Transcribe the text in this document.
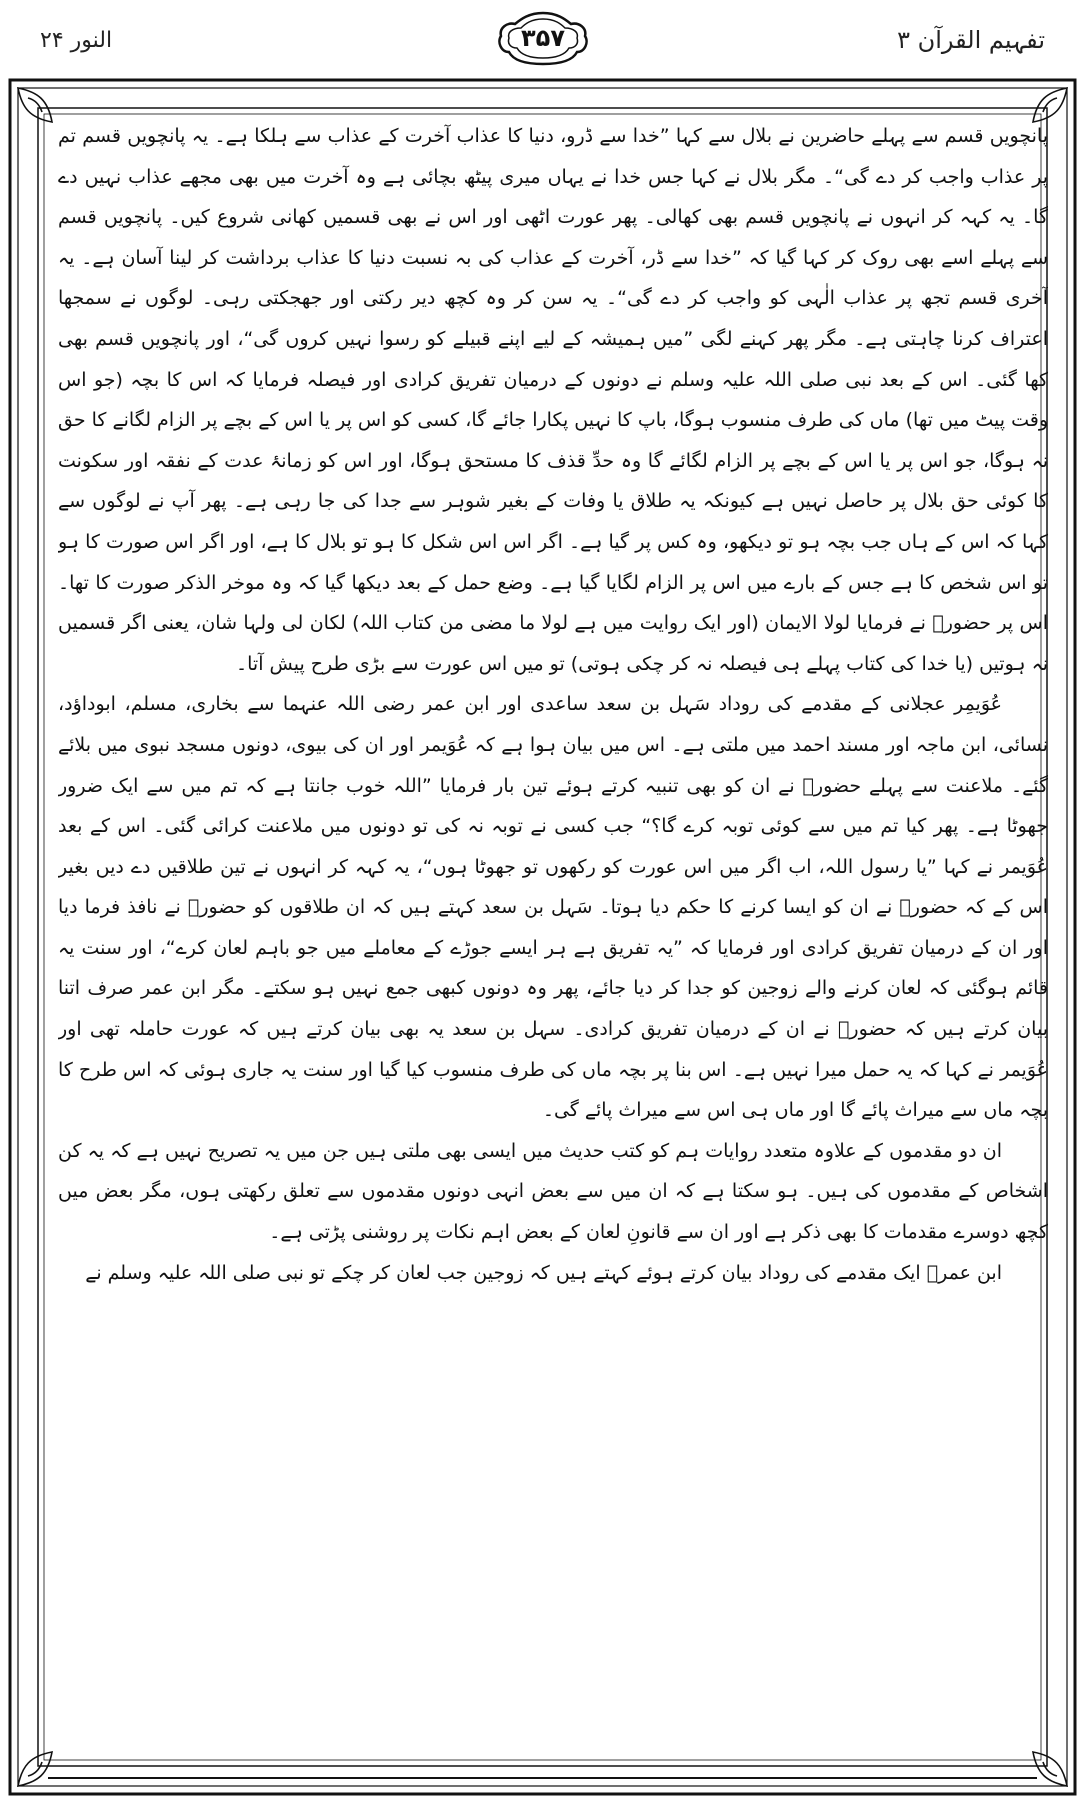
النور ۲۴	۳۵۷	تفہیم القرآن ۳

پانچویں قسم سے پہلے حاضرین نے بلال سے کہا ”خدا سے ڈرو، دنیا کا عذاب آخرت کے عذاب سے ہلکا ہے۔ یہ پانچویں قسم تم پر عذاب واجب کر دے گی“۔ مگر بلال نے کہا جس خدا نے یہاں میری پیٹھ بچائی ہے وہ آخرت میں بھی مجھے عذاب نہیں دے گا۔ یہ کہہ کر انہوں نے پانچویں قسم بھی کھالی۔ پھر عورت اٹھی اور اس نے بھی قسمیں کھانی شروع کیں۔ پانچویں قسم سے پہلے اسے بھی روک کر کہا گیا کہ ”خدا سے ڈر، آخرت کے عذاب کی بہ نسبت دنیا کا عذاب برداشت کر لینا آسان ہے۔ یہ آخری قسم تجھ پر عذاب الٰہی کو واجب کر دے گی“۔ یہ سن کر وہ کچھ دیر رکتی اور جھجکتی رہی۔ لوگوں نے سمجھا اعتراف کرنا چاہتی ہے۔ مگر پھر کہنے لگی ”میں ہمیشہ کے لیے اپنے قبیلے کو رسوا نہیں کروں گی“، اور پانچویں قسم بھی کھا گئی۔ اس کے بعد نبی صلی اللہ علیہ وسلم نے دونوں کے درمیان تفریق کرادی اور فیصلہ فرمایا کہ اس کا بچہ (جو اس وقت پیٹ میں تھا) ماں کی طرف منسوب ہوگا، باپ کا نہیں پکارا جائے گا، کسی کو اس پر یا اس کے بچے پر الزام لگانے کا حق نہ ہوگا، جو اس پر یا اس کے بچے پر الزام لگائے گا وہ حدِّ قذف کا مستحق ہوگا، اور اس کو زمانۂ عدت کے نفقہ اور سکونت کا کوئی حق بلال پر حاصل نہیں ہے کیونکہ یہ طلاق یا وفات کے بغیر شوہر سے جدا کی جا رہی ہے۔ پھر آپ نے لوگوں سے کہا کہ اس کے ہاں جب بچہ ہو تو دیکھو، وہ کس پر گیا ہے۔ اگر اس اس شکل کا ہو تو بلال کا ہے، اور اگر اس صورت کا ہو تو اس شخص کا ہے جس کے بارے میں اس پر الزام لگایا گیا ہے۔ وضع حمل کے بعد دیکھا گیا کہ وہ موخر الذکر صورت کا تھا۔ اس پر حضورؐ نے فرمایا لولا الایمان (اور ایک روایت میں ہے لولا ما مضی من کتاب اللہ) لکان لی ولہا شان، یعنی اگر قسمیں نہ ہوتیں (یا خدا کی کتاب پہلے ہی فیصلہ نہ کر چکی ہوتی) تو میں اس عورت سے بڑی طرح پیش آتا۔

عُوَیمِر عجلانی کے مقدمے کی روداد سَہل بن سعد ساعدی اور ابن عمر رضی اللہ عنہما سے بخاری، مسلم، ابوداؤد، نسائی، ابن ماجہ اور مسند احمد میں ملتی ہے۔ اس میں بیان ہوا ہے کہ عُوَیمر اور ان کی بیوی، دونوں مسجد نبوی میں بلائے گئے۔ ملاعنت سے پہلے حضورؐ نے ان کو بھی تنبیہ کرتے ہوئے تین بار فرمایا ”اللہ خوب جانتا ہے کہ تم میں سے ایک ضرور جھوٹا ہے۔ پھر کیا تم میں سے کوئی توبہ کرے گا؟“ جب کسی نے توبہ نہ کی تو دونوں میں ملاعنت کرائی گئی۔ اس کے بعد عُوَیمر نے کہا ”یا رسول اللہ، اب اگر میں اس عورت کو رکھوں تو جھوٹا ہوں“، یہ کہہ کر انہوں نے تین طلاقیں دے دیں بغیر اس کے کہ حضورؐ نے ان کو ایسا کرنے کا حکم دیا ہوتا۔ سَہل بن سعد کہتے ہیں کہ ان طلاقوں کو حضورؐ نے نافذ فرما دیا اور ان کے درمیان تفریق کرادی اور فرمایا کہ ”یہ تفریق ہے ہر ایسے جوڑے کے معاملے میں جو باہم لعان کرے“، اور سنت یہ قائم ہوگئی کہ لعان کرنے والے زوجین کو جدا کر دیا جائے، پھر وہ دونوں کبھی جمع نہیں ہو سکتے۔ مگر ابن عمر صرف اتنا بیان کرتے ہیں کہ حضورؐ نے ان کے درمیان تفریق کرادی۔ سہل بن سعد یہ بھی بیان کرتے ہیں کہ عورت حاملہ تھی اور عُوَیمر نے کہا کہ یہ حمل میرا نہیں ہے۔ اس بنا پر بچہ ماں کی طرف منسوب کیا گیا اور سنت یہ جاری ہوئی کہ اس طرح کا بچہ ماں سے میراث پائے گا اور ماں ہی اس سے میراث پائے گی۔

ان دو مقدموں کے علاوہ متعدد روایات ہم کو کتب حدیث میں ایسی بھی ملتی ہیں جن میں یہ تصریح نہیں ہے کہ یہ کن اشخاص کے مقدموں کی ہیں۔ ہو سکتا ہے کہ ان میں سے بعض انہی دونوں مقدموں سے تعلق رکھتی ہوں، مگر بعض میں کچھ دوسرے مقدمات کا بھی ذکر ہے اور ان سے قانونِ لعان کے بعض اہم نکات پر روشنی پڑتی ہے۔

ابن عمرؓ ایک مقدمے کی روداد بیان کرتے ہوئے کہتے ہیں کہ زوجین جب لعان کر چکے تو نبی صلی اللہ علیہ وسلم نے
